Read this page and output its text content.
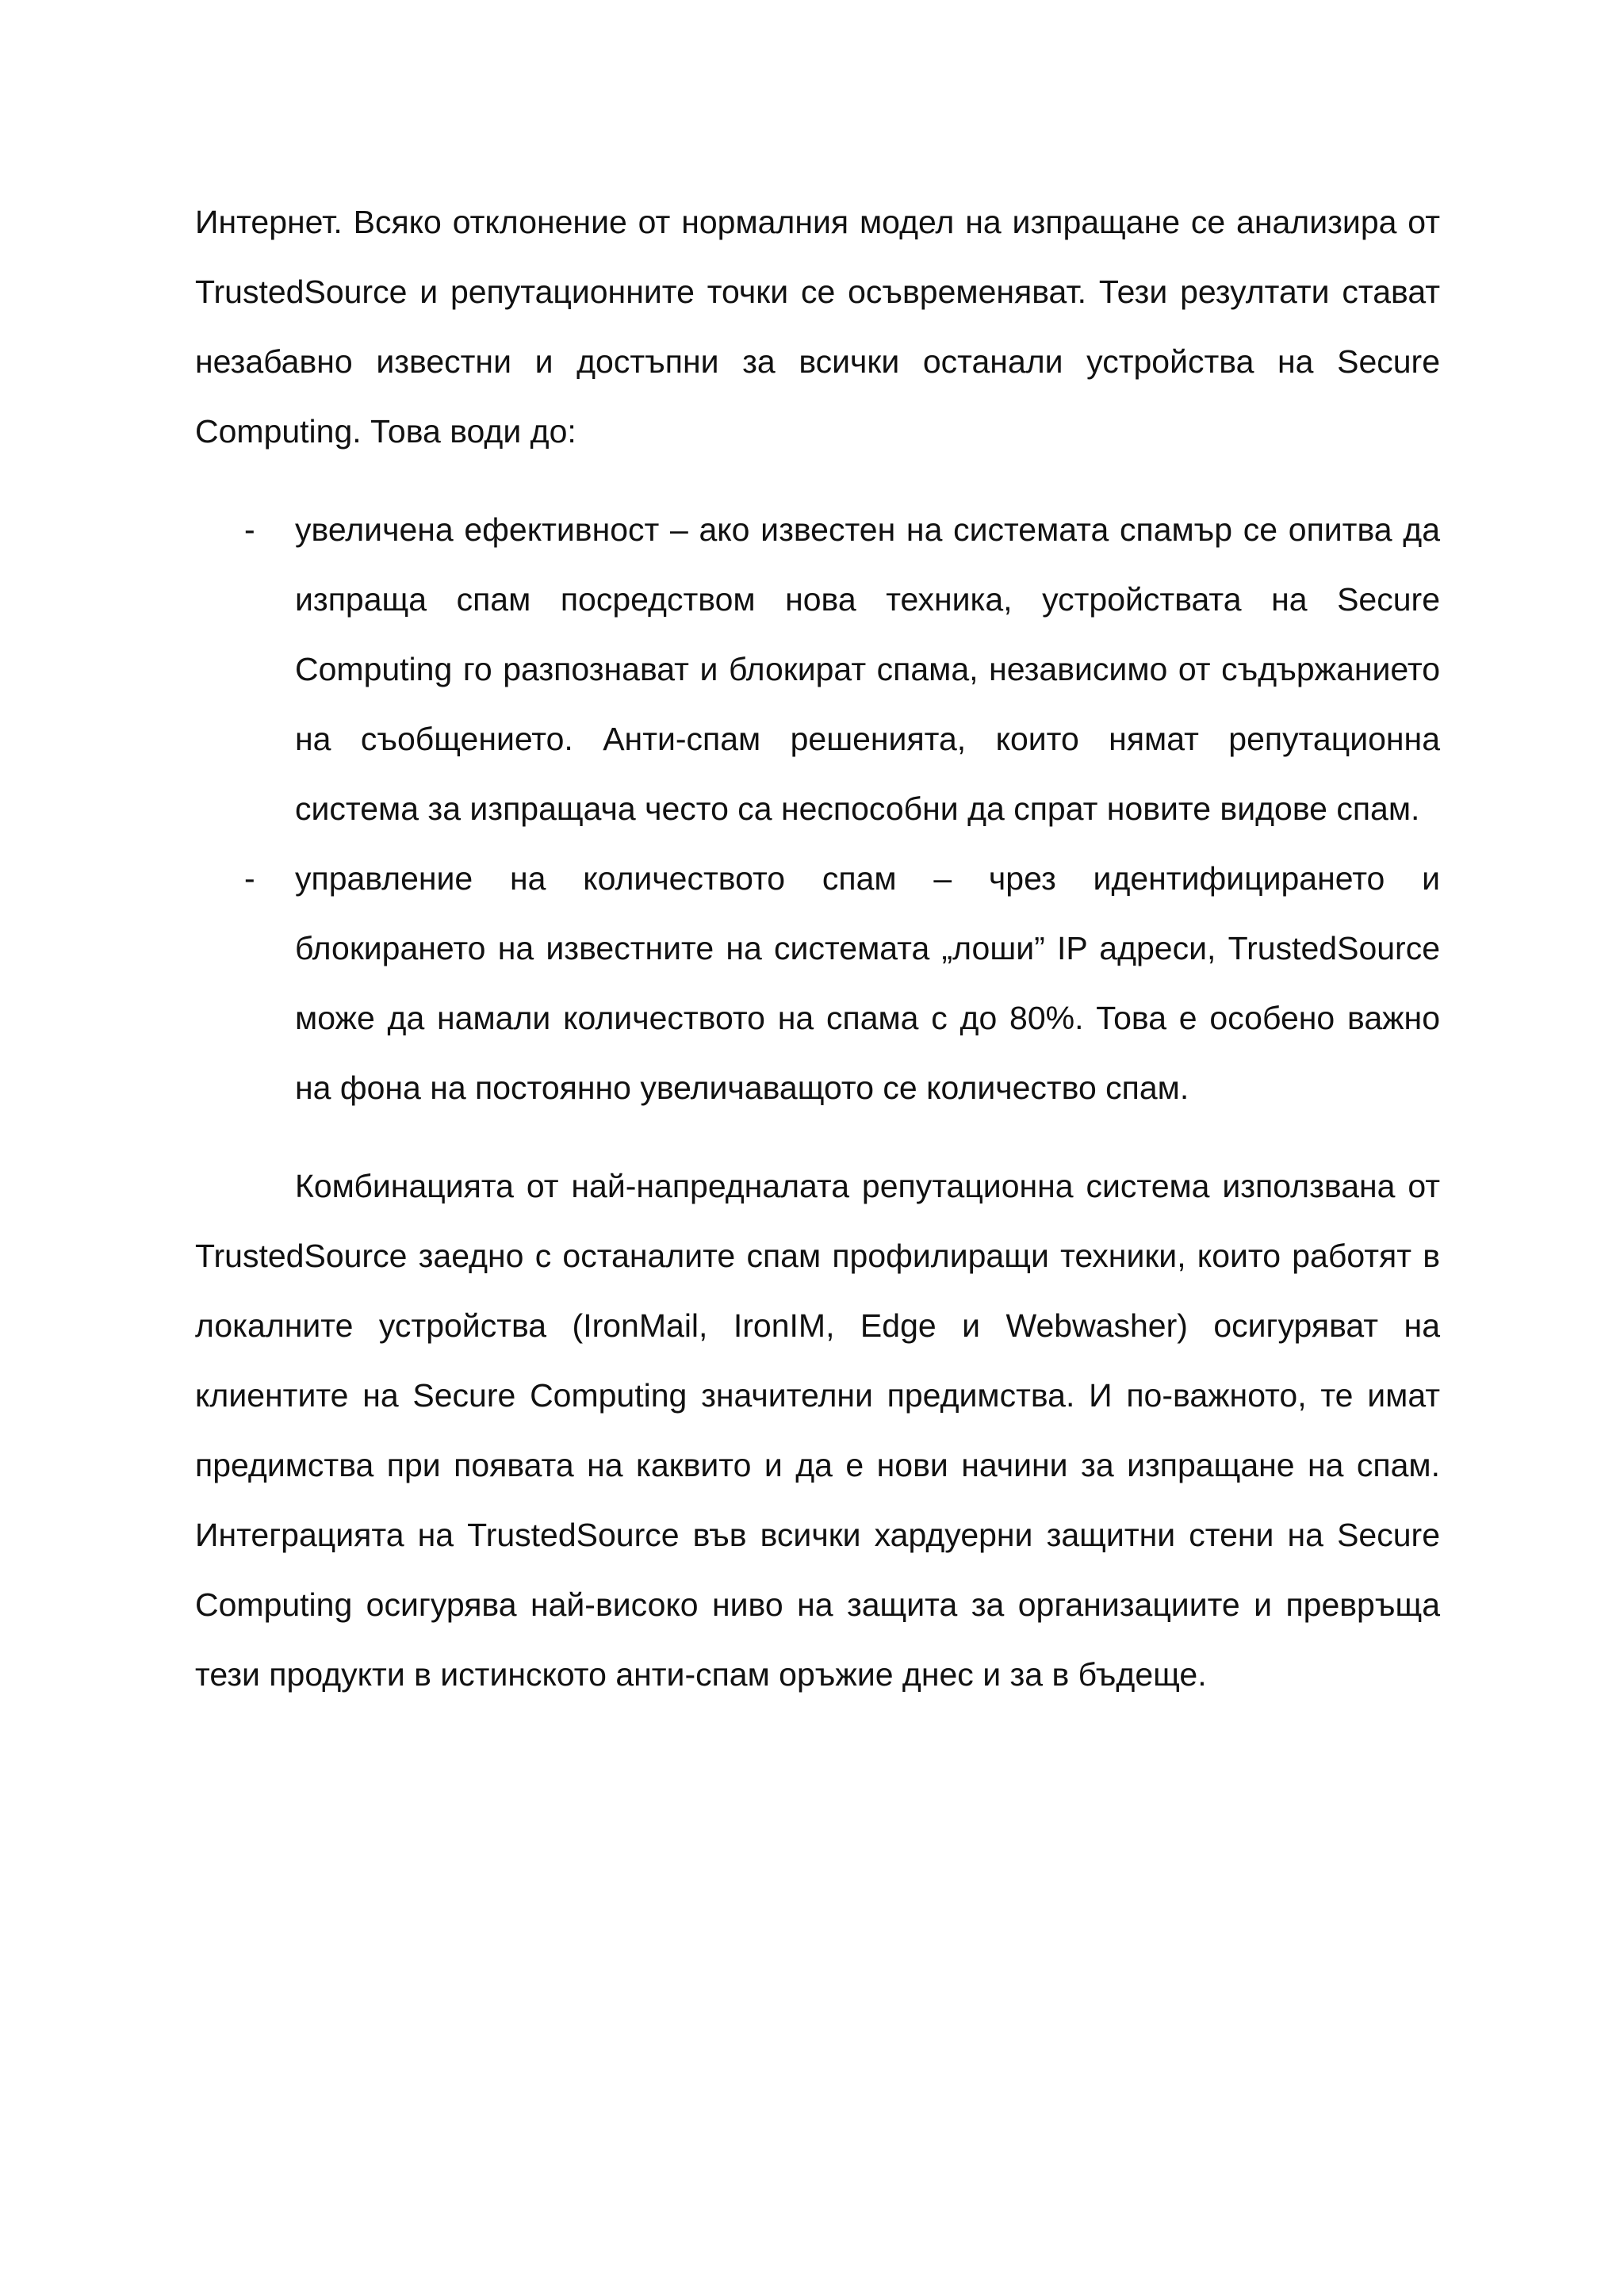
Интернет. Всяко отклонение от нормалния модел на изпращане се анализира от TrustedSource и репутационните точки се осъвременяват. Тези резултати стават незабавно известни и достъпни за всички останали устройства на Secure Computing. Това води до:

- увеличена ефективност – ако известен на системата спамър се опитва да изпраща спам посредством нова техника, устройствата на Secure Computing го разпознават и блокират спама, независимо от съдържанието на съобщението. Анти-спам решенията, които нямат репутационна система за изпращача често са неспособни да спрат новите видове спам.
- управление на количеството спам – чрез идентифицирането и блокирането на известните на системата „лоши” IP адреси, TrustedSource може да намали количеството на спама с до 80%. Това е особено важно на фона на постоянно увеличаващото се количество спам.

Комбинацията от най-напредналата репутационна система използвана от TrustedSource заедно с останалите спам профилиращи техники, които работят в локалните устройства (IronMail, IronIM, Edge и Webwasher) осигуряват на клиентите на Secure Computing значителни предимства. И по-важното, те имат предимства при появата на каквито и да е нови начини за изпращане на спам. Интеграцията на TrustedSource във всички хардуерни защитни стени на Secure Computing осигурява най-високо ниво на защита за организациите и превръща тези продукти в истинското анти-спам оръжие днес и за в бъдеще.
